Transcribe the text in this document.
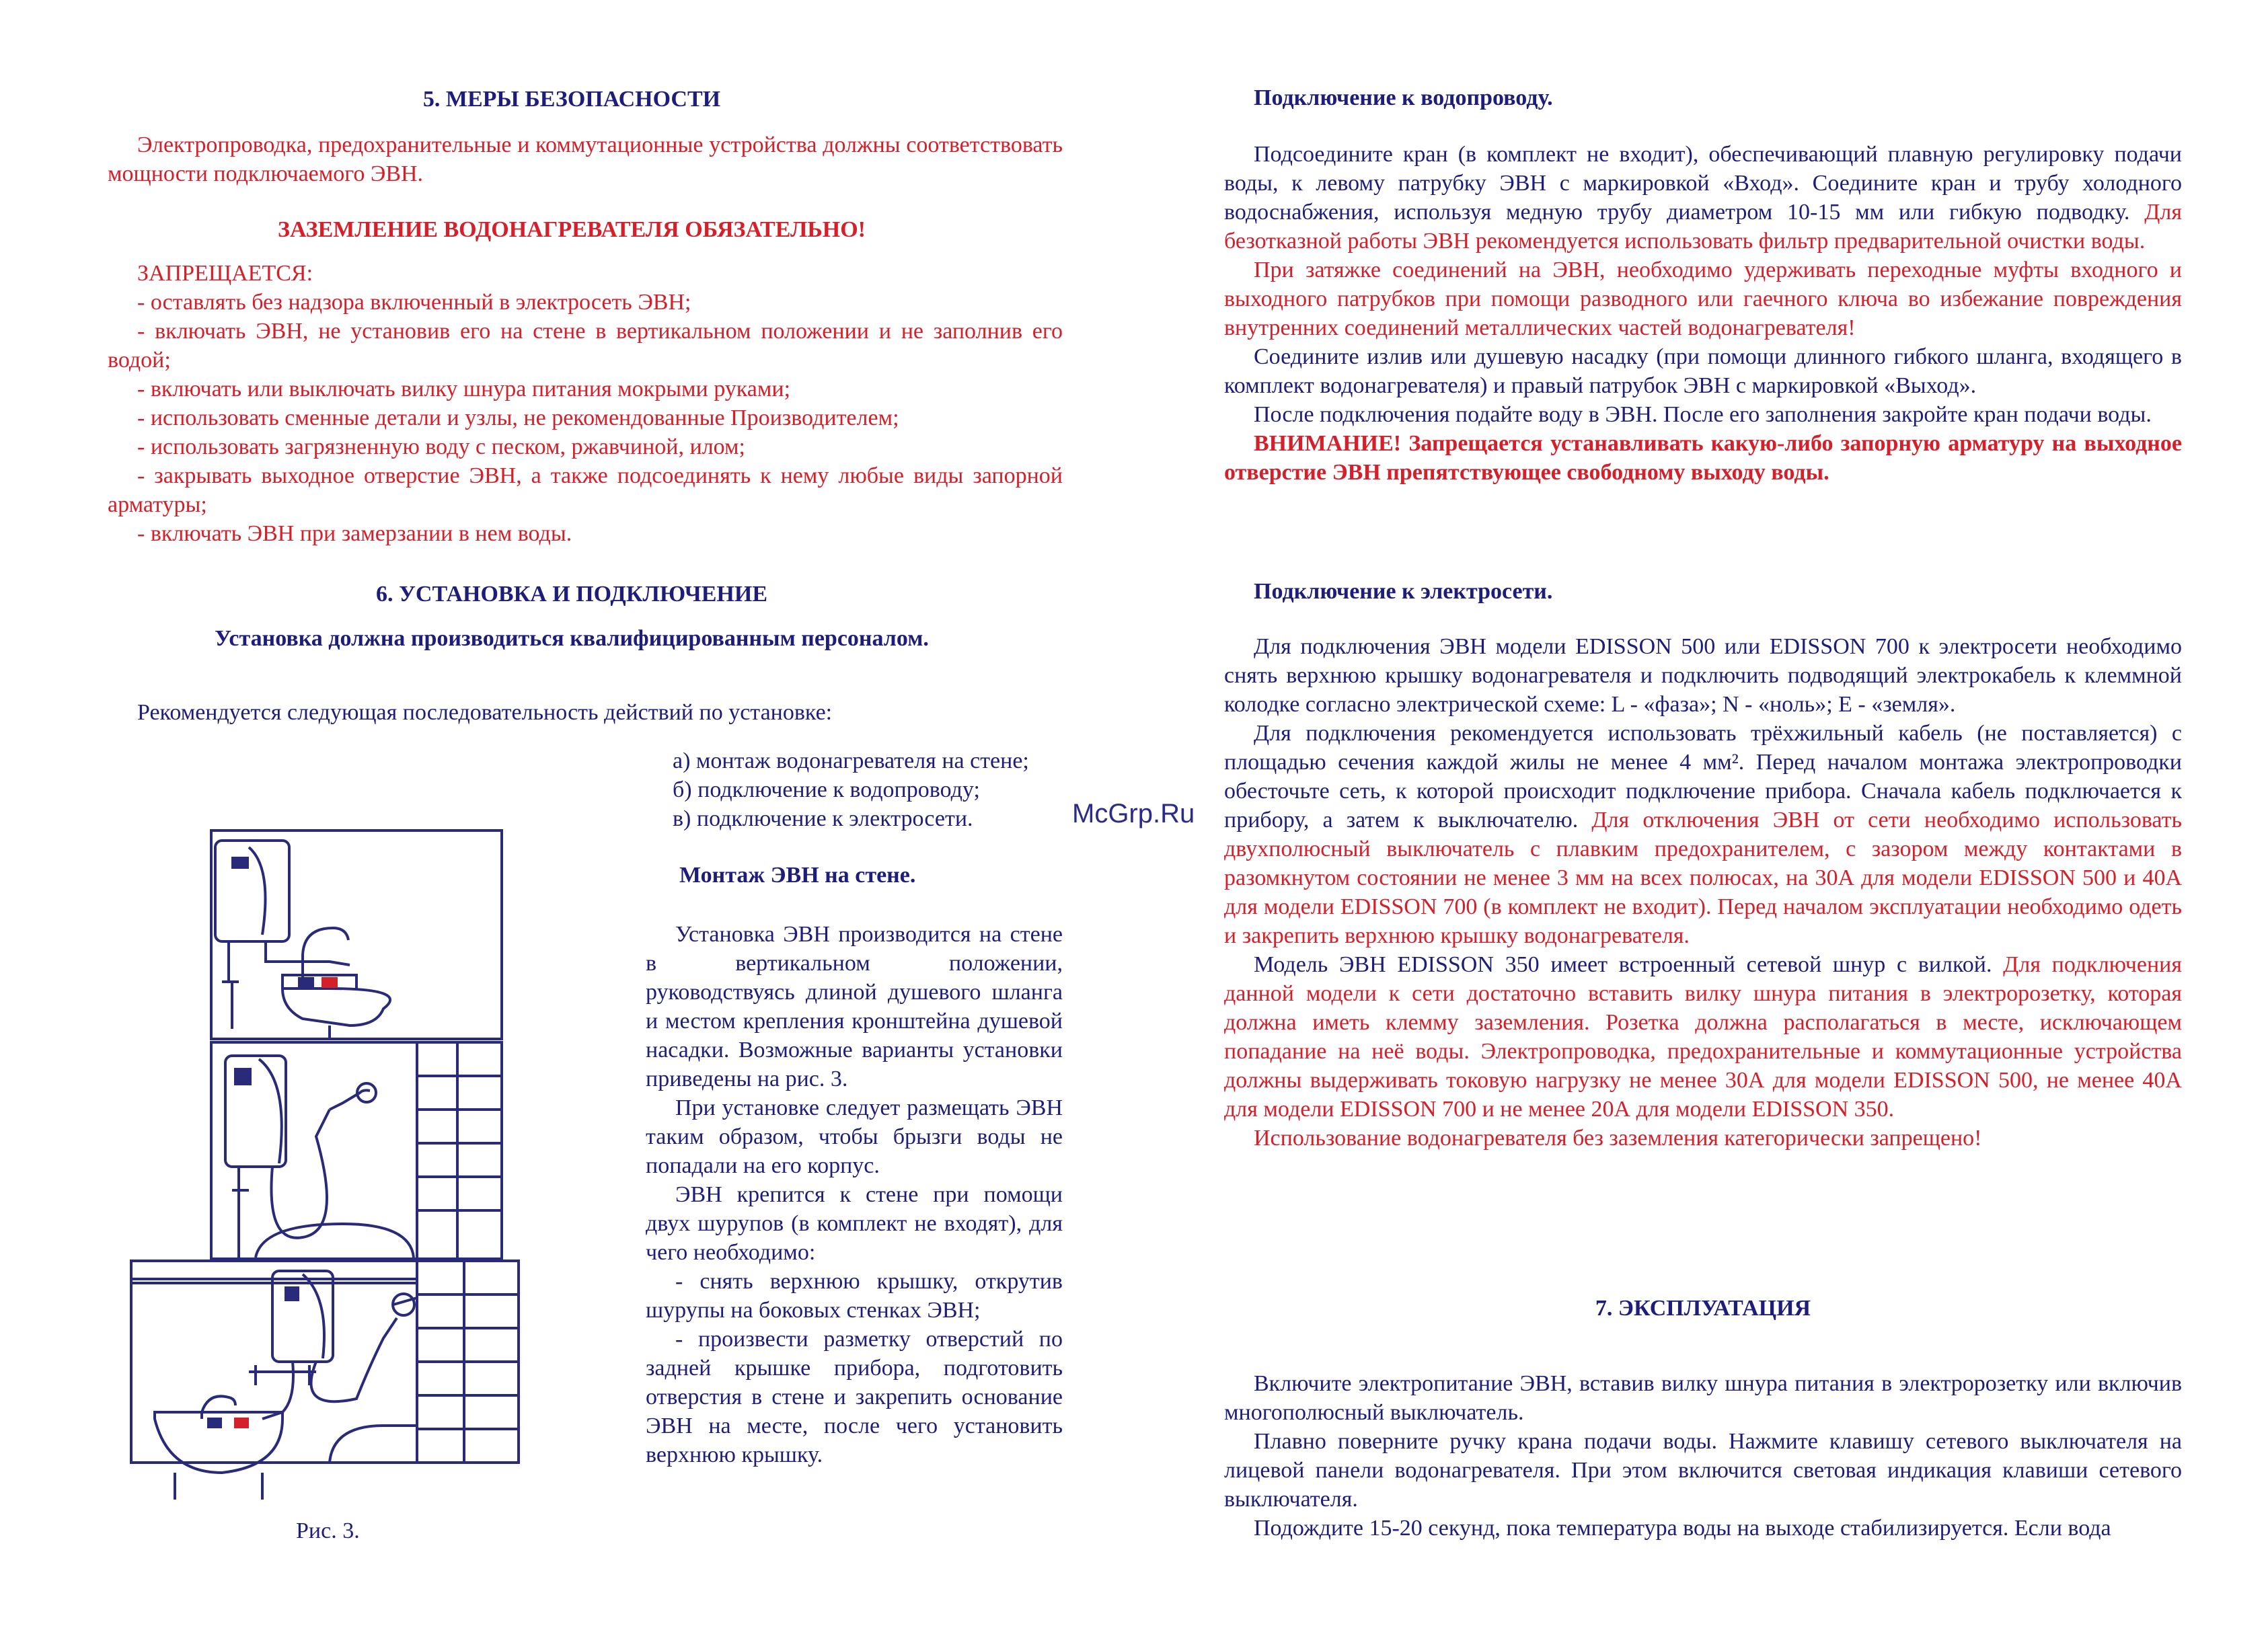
McGrp.Ru
5. МЕРЫ БЕЗОПАСНОСТИ

Электропроводка, предохранительные и коммутационные устройства должны соответствовать мощности подключаемого ЭВН.

ЗАЗЕМЛЕНИЕ ВОДОНАГРЕВАТЕЛЯ ОБЯЗАТЕЛЬНО!

ЗАПРЕЩАЕТСЯ:

- оставлять без надзора включенный в электросеть ЭВН;

- включать ЭВН, не установив его на стене в вертикальном положении и не заполнив его водой;

- включать или выключать вилку шнура питания мокрыми руками;

- использовать сменные детали и узлы, не рекомендованные Производителем;

- использовать загрязненную воду с песком, ржавчиной, илом;

- закрывать выходное отверстие ЭВН, а также подсоединять к нему любые виды запорной арматуры;

- включать ЭВН при замерзании в нем воды.

6. УСТАНОВКА И ПОДКЛЮЧЕНИЕ
Установка должна производиться квалифицированным персоналом.

Рекомендуется следующая последовательность действий по установке:

а) монтаж водонагревателя на стене;

б) подключение к водопроводу;

в) подключение к электросети.

Монтаж ЭВН на стене.

Установка ЭВН производится на стене в вертикальном положении, руководствуясь длиной душевого шланга и местом крепления кронштейна душевой насадки. Возможные варианты установки приведены на рис. 3.

При установке следует размещать ЭВН таким образом, чтобы брызги воды не попадали на его корпус.

ЭВН крепится к стене при помощи двух шурупов (в комплект не входят), для чего необходимо:

- снять верхнюю крышку, открутив шурупы на боковых стенках ЭВН;

- произвести разметку отверстий по задней крышке прибора, подготовить отверстия в стене и закрепить основание ЭВН на месте, после чего установить верхнюю крышку.

Рис. 3.
Подключение к водопроводу.

Подсоедините кран (в комплект не входит), обеспечивающий плавную регулировку подачи воды, к левому патрубку ЭВН с маркировкой «Вход». Соедините кран и трубу холодного водоснабжения, используя медную трубу диаметром 10-15 мм или гибкую подводку. Для безотказной работы ЭВН рекомендуется использовать фильтр предварительной очистки воды.

При затяжке соединений на ЭВН, необходимо удерживать переходные муфты входного и выходного патрубков при помощи разводного или гаечного ключа во избежание повреждения внутренних соединений металлических частей водонагревателя!

Соедините излив или душевую насадку (при помощи длинного гибкого шланга, входящего в комплект водонагревателя) и правый патрубок ЭВН с маркировкой «Выход».

После подключения подайте воду в ЭВН. После его заполнения закройте кран подачи воды.

ВНИМАНИЕ! Запрещается устанавливать какую-либо запорную арматуру на выходное отверстие ЭВН препятствующее свободному выходу воды.

Подключение к электросети.

Для подключения ЭВН модели EDISSON 500 или EDISSON 700 к электросети необходимо снять верхнюю крышку водонагревателя и подключить подводящий электрокабель к клеммной колодке согласно электрической схеме: L - «фаза»; N - «ноль»; E - «земля».

Для подключения рекомендуется использовать трёхжильный кабель (не поставляется) с площадью сечения каждой жилы не менее 4 мм². Перед началом монтажа электропроводки обесточьте сеть, к которой происходит подключение прибора. Сначала кабель подключается к прибору, а затем к выключателю. Для отключения ЭВН от сети необходимо использовать двухполюсный выключатель с плавким предохранителем, с зазором между контактами в разомкнутом состоянии не менее 3 мм на всех полюсах, на 30А для модели EDISSON 500 и 40А для модели EDISSON 700 (в комплект не входит). Перед началом эксплуатации необходимо одеть и закрепить верхнюю крышку водонагревателя.

Модель ЭВН EDISSON 350 имеет встроенный сетевой шнур с вилкой. Для подключения данной модели к сети достаточно вставить вилку шнура питания в электророзетку, которая должна иметь клемму заземления. Розетка должна располагаться в месте, исключающем попадание на неё воды. Электропроводка, предохранительные и коммутационные устройства должны выдерживать токовую нагрузку не менее 30А для модели EDISSON 500, не менее 40А для модели EDISSON 700 и не менее 20А для модели EDISSON 350.

Использование водонагревателя без заземления категорически запрещено!

7. ЭКСПЛУАТАЦИЯ

Включите электропитание ЭВН, вставив вилку шнура питания в электророзетку или включив многополюсный выключатель.

Плавно поверните ручку крана подачи воды. Нажмите клавишу сетевого выключателя на лицевой панели водонагревателя. При этом включится световая индикация клавиши сетевого выключателя.

Подождите 15-20 секунд, пока температура воды на выходе стабилизируется. Если вода
